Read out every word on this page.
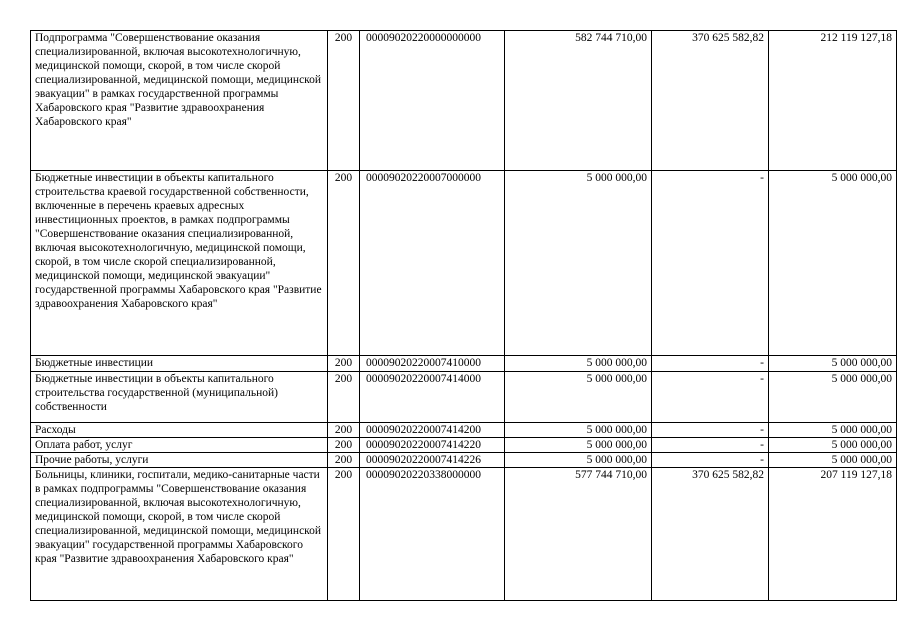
Подпрограмма "Совершенствование оказания специализированной, включая высокотехнологичную, медицинской помощи, скорой, в том числе скорой специализированной, медицинской помощи, медицинской эвакуации" в рамках государственной программы Хабаровского края "Развитие здравоохранения Хабаровского края"	200	00009020220000000000	582 744 710,00	370 625 582,82	212 119 127,18
Бюджетные инвестиции в объекты капитального строительства краевой государственной собственности, включенные в перечень краевых адресных инвестиционных проектов, в рамках подпрограммы "Совершенствование оказания специализированной, включая высокотехнологичную, медицинской помощи, скорой, в том числе скорой специализированной, медицинской помощи, медицинской эвакуации" государственной программы Хабаровского края "Развитие здравоохранения Хабаровского края"	200	00009020220007000000	5 000 000,00	-	5 000 000,00
Бюджетные инвестиции	200	00009020220007410000	5 000 000,00	-	5 000 000,00
Бюджетные инвестиции в объекты капитального строительства государственной (муниципальной) собственности	200	00009020220007414000	5 000 000,00	-	5 000 000,00
Расходы	200	00009020220007414200	5 000 000,00	-	5 000 000,00
Оплата работ, услуг	200	00009020220007414220	5 000 000,00	-	5 000 000,00
Прочие работы, услуги	200	00009020220007414226	5 000 000,00	-	5 000 000,00
Больницы, клиники, госпитали, медико-санитарные части в рамках подпрограммы "Совершенствование оказания специализированной, включая высокотехнологичную, медицинской помощи, скорой, в том числе скорой специализированной, медицинской помощи, медицинской эвакуации" государственной программы Хабаровского края "Развитие здравоохранения Хабаровского края"	200	00009020220338000000	577 744 710,00	370 625 582,82	207 119 127,18
